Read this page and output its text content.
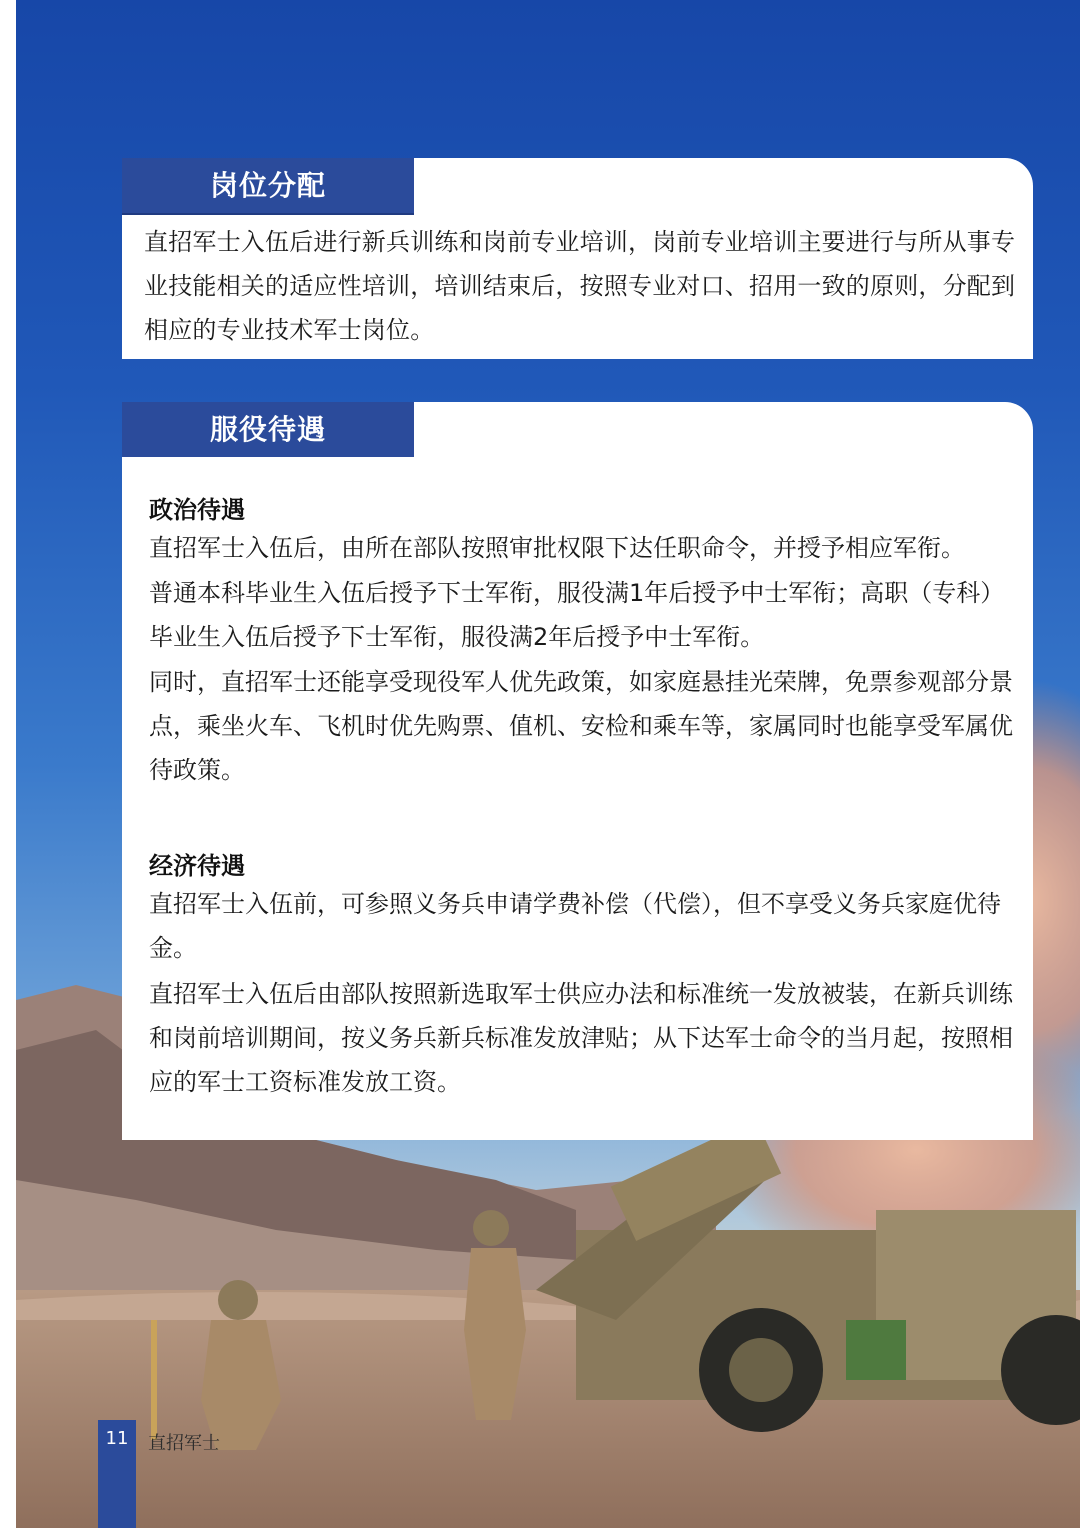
岗位分配

直招军士入伍后进行新兵训练和岗前专业培训，岗前专业培训主要进行与所从事专业技能相关的适应性培训，培训结束后，按照专业对口、招用一致的原则，分配到相应的专业技术军士岗位。

服役待遇

政治待遇

直招军士入伍后，由所在部队按照审批权限下达任职命令，并授予相应军衔。

普通本科毕业生入伍后授予下士军衔，服役满1年后授予中士军衔；高职（专科）毕业生入伍后授予下士军衔，服役满2年后授予中士军衔。

同时，直招军士还能享受现役军人优先政策，如家庭悬挂光荣牌，免票参观部分景点，乘坐火车、飞机时优先购票、值机、安检和乘车等，家属同时也能享受军属优待政策。

经济待遇

直招军士入伍前，可参照义务兵申请学费补偿（代偿），但不享受义务兵家庭优待金。

直招军士入伍后由部队按照新选取军士供应办法和标准统一发放被装，在新兵训练和岗前培训期间，按义务兵新兵标准发放津贴；从下达军士命令的当月起，按照相应的军士工资标准发放工资。

11	直招军士
